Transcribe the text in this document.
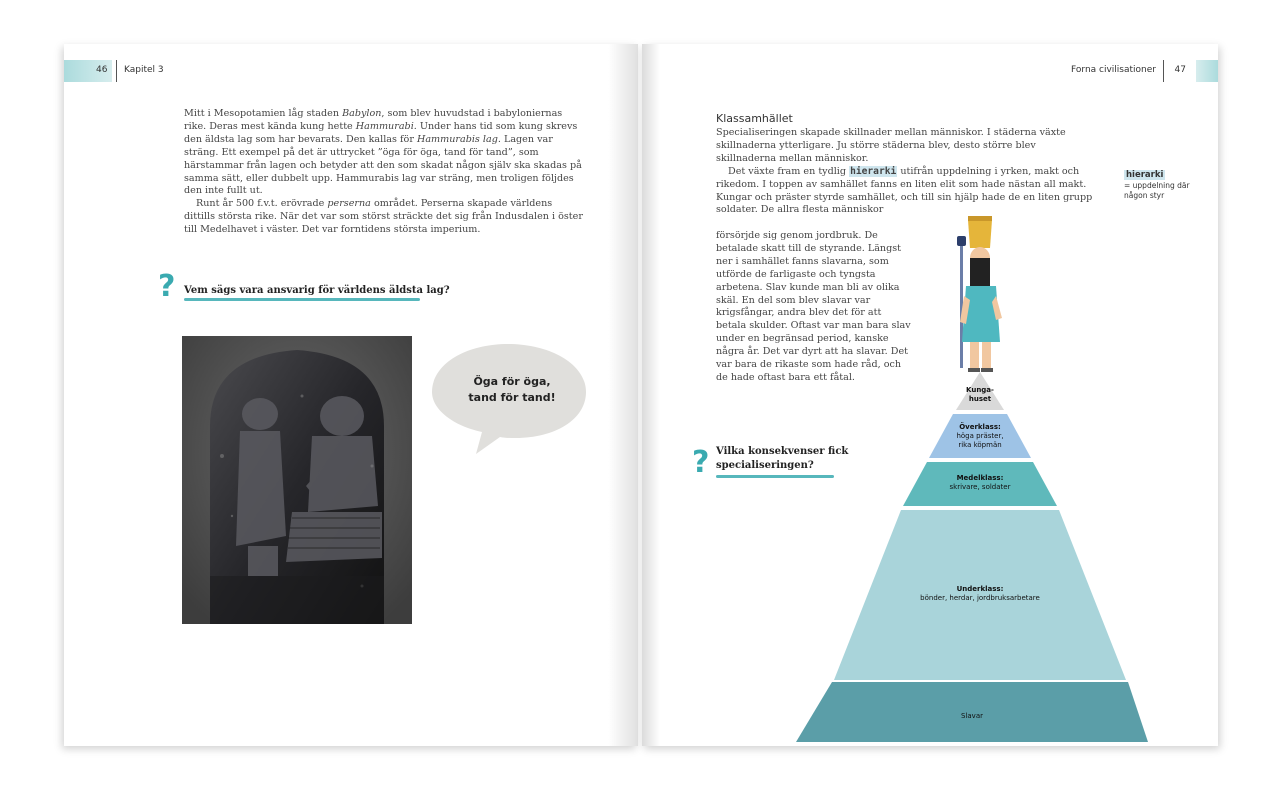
46 Kapitel 3

Mitt i Mesopotamien låg staden Babylon, som blev huvudstad i babyloniernas rike. Deras mest kända kung hette Hammurabi. Under hans tid som kung skrevs den äldsta lag som har bevarats. Den kallas för Hammurabis lag. Lagen var sträng. Ett exempel på det är uttrycket ”öga för öga, tand för tand”, som härstammar från lagen och betyder att den som skadat någon själv ska skadas på samma sätt, eller dubbelt upp. Hammurabis lag var sträng, men troligen följdes den inte fullt ut.

Runt år 500 f.v.t. erövrade perserna området. Perserna skapade världens dittills största rike. När det var som störst sträckte det sig från Indusdalen i öster till Medelhavet i väster. Det var forntidens största imperium.

? Vem sägs vara ansvarig för världens äldsta lag?
Öga för öga,
tand för tand!
Forna civilisationer 47
Klassamhället

Specialiseringen skapade skillnader mellan människor. I städerna växte skillnaderna ytterligare. Ju större städerna blev, desto större blev skillnaderna mellan människor.

Det växte fram en tydlig hierarki utifrån uppdelning i yrken, makt och rikedom. I toppen av samhället fanns en liten elit som hade nästan all makt. Kungar och präster styrde samhället, och till sin hjälp hade de en liten grupp soldater. De allra flesta människor

försörjde sig genom jordbruk. De betalade skatt till de styrande. Längst ner i samhället fanns slavarna, som utförde de farligaste och tyngsta arbetena. Slav kunde man bli av olika skäl. En del som blev slavar var krigsfångar, andra blev det för att betala skulder. Oftast var man bara slav under en begränsad period, kanske några år. Det var dyrt att ha slavar. Det var bara de rikaste som hade råd, och de hade oftast bara ett fåtal.

hierarki
= uppdelning där någon styr
? Vilka konsekvenser fick
specialiseringen?
Kunga-
huset
Överklass:
höga präster,
rika köpmän
Medelklass:
skrivare, soldater
Underklass:
bönder, herdar, jordbruksarbetare
Slavar
